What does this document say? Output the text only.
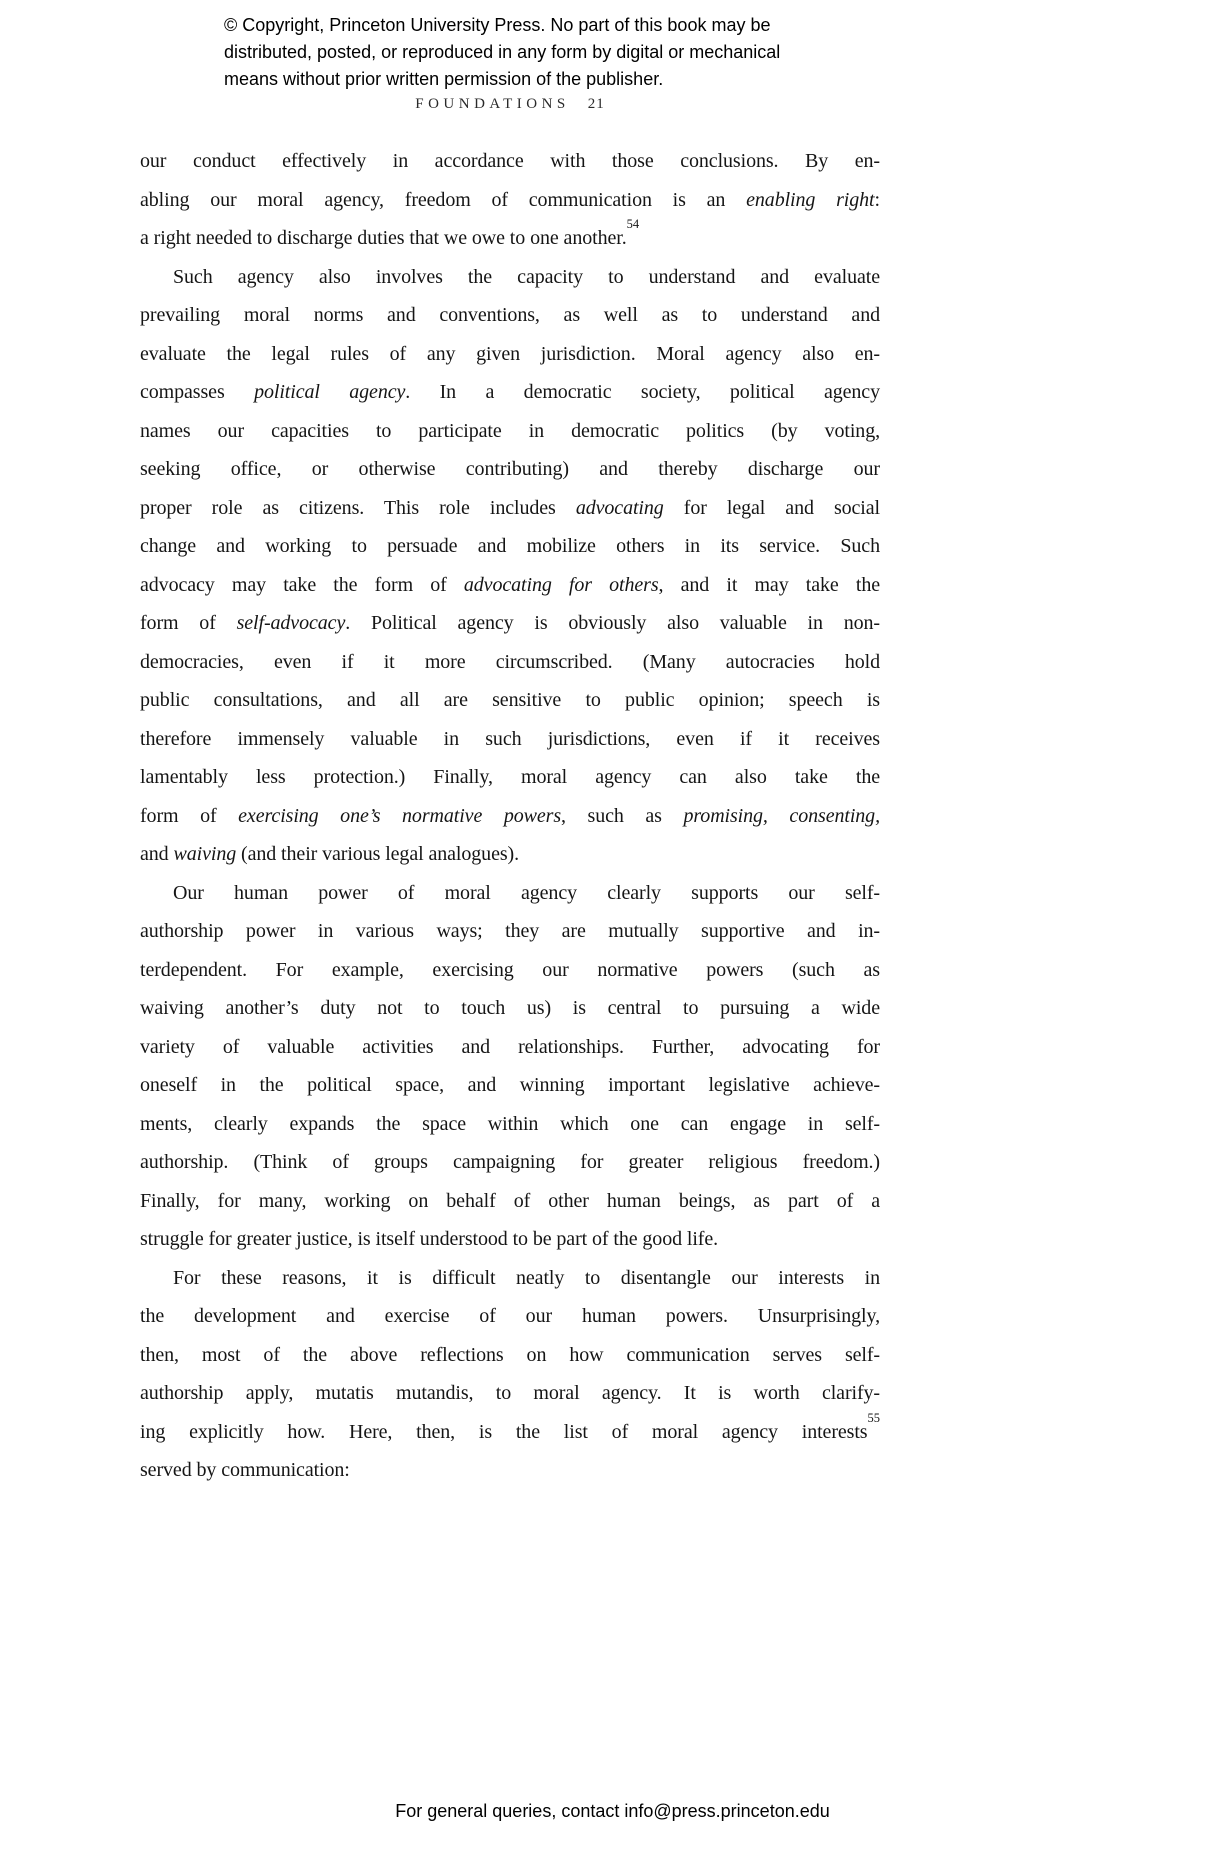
© Copyright, Princeton University Press. No part of this book may be
distributed, posted, or reproduced in any form by digital or mechanical
means without prior written permission of the publisher.
FOUNDATIONS 21
our conduct effectively in accordance with those conclusions. By en-
abling our moral agency, freedom of communication is an enabling right:
a right needed to discharge duties that we owe to one another.$^{54}$
Such agency also involves the capacity to understand and evaluate
prevailing moral norms and conventions, as well as to understand and
evaluate the legal rules of any given jurisdiction. Moral agency also en-
compasses political agency. In a democratic society, political agency
names our capacities to participate in democratic politics (by voting,
seeking office, or otherwise contributing) and thereby discharge our
proper role as citizens. This role includes advocating for legal and social
change and working to persuade and mobilize others in its service. Such
advocacy may take the form of advocating for others, and it may take the
form of self-advocacy. Political agency is obviously also valuable in non-
democracies, even if it more circumscribed. (Many autocracies hold
public consultations, and all are sensitive to public opinion; speech is
therefore immensely valuable in such jurisdictions, even if it receives
lamentably less protection.) Finally, moral agency can also take the
form of exercising one’s normative powers, such as promising, consenting,
and waiving (and their various legal analogues).
Our human power of moral agency clearly supports our self-
authorship power in various ways; they are mutually supportive and in-
terdependent. For example, exercising our normative powers (such as
waiving another’s duty not to touch us) is central to pursuing a wide
variety of valuable activities and relationships. Further, advocating for
oneself in the political space, and winning important legislative achieve-
ments, clearly expands the space within which one can engage in self-
authorship. (Think of groups campaigning for greater religious freedom.)
Finally, for many, working on behalf of other human beings, as part of a
struggle for greater justice, is itself understood to be part of the good life.
For these reasons, it is difficult neatly to disentangle our interests in
the development and exercise of our human powers. Unsurprisingly,
then, most of the above reflections on how communication serves self-
authorship apply, mutatis mutandis, to moral agency. It is worth clarify-
ing explicitly how. Here, then, is the list of moral agency interests$^{55}$
served by communication:
For general queries, contact info@press.princeton.edu
